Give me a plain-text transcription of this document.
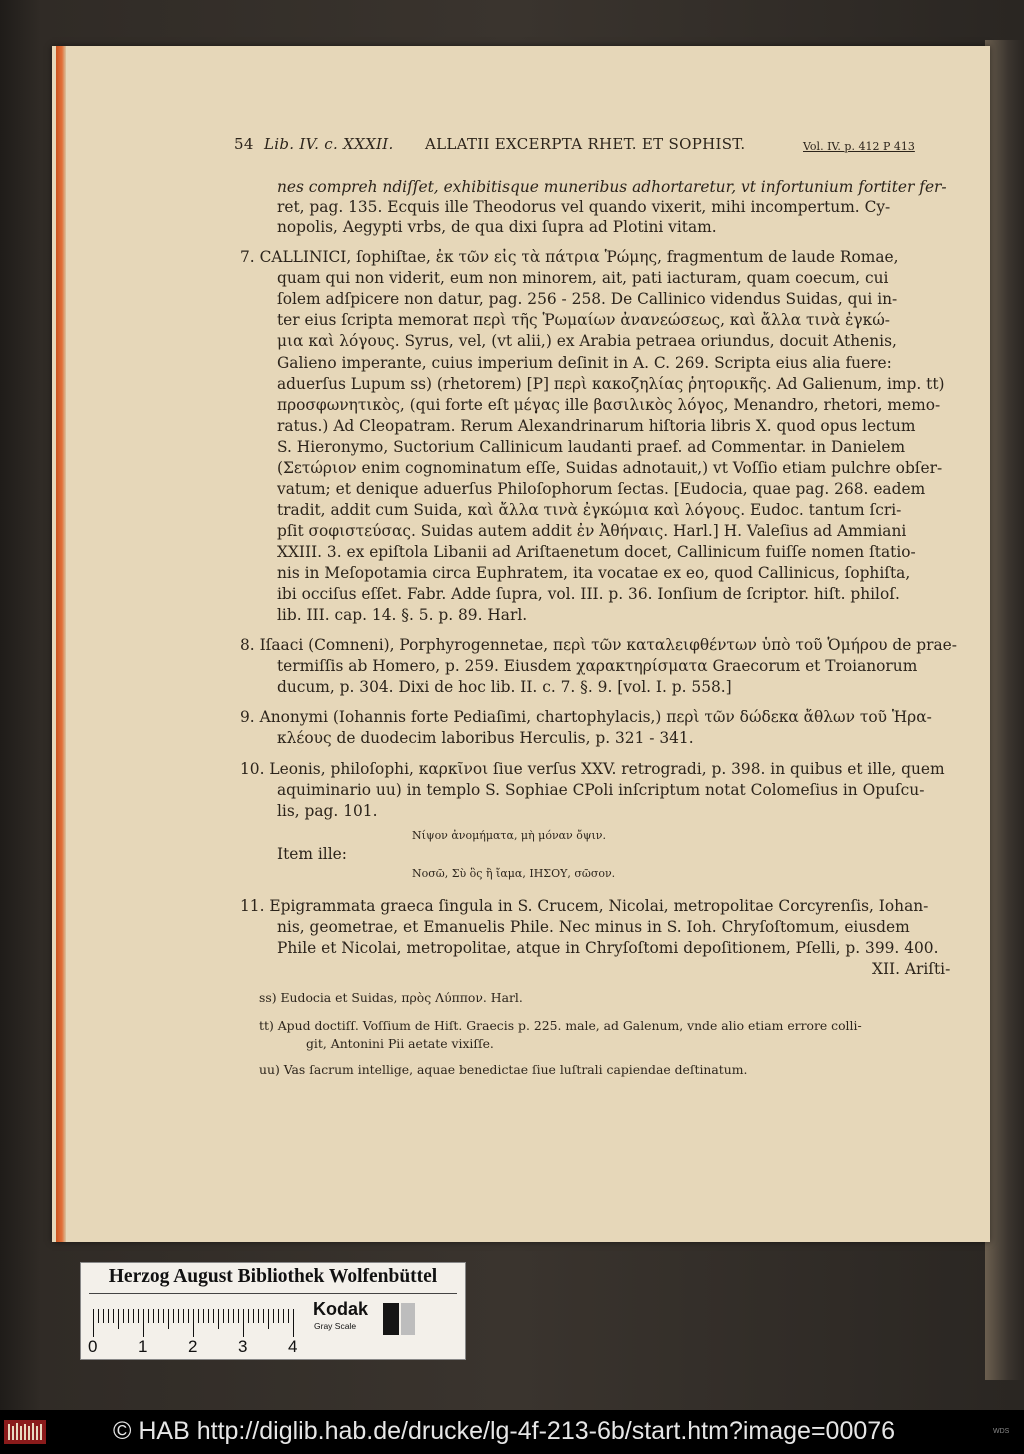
54 Lib. IV. c. XXXII. ALLATII EXCERPTA RHET. ET SOPHIST.	Vol. IV. p. 412 P 413
nes compreh ndiſſet, exhibitisque muneribus adhortaretur, vt infortunium fortiter fer-
ret, pag. 135. Ecquis ille Theodorus vel quando vixerit, mihi incompertum. Cy-
nopolis, Aegypti vrbs, de qua dixi ſupra ad Plotini vitam.
7. CALLINICI, ſophiſtae, ἐκ τῶν εἰς τὰ πάτρια Ῥώμης, fragmentum de laude Romae,
quam qui non viderit, eum non minorem, ait, pati iacturam, quam coecum, cui
ſolem adſpicere non datur, pag. 256 - 258. De Callinico videndus Suidas, qui in-
ter eius ſcripta memorat περὶ τῆς Ῥωμαίων ἀνανεώσεως, καὶ ἄλλα τινὰ ἐγκώ-
μια καὶ λόγους. Syrus, vel, (vt alii,) ex Arabia petraea oriundus, docuit Athenis,
Galieno imperante, cuius imperium deſinit in A. C. 269. Scripta eius alia fuere:
aduerſus Lupum ss) (rhetorem) [P] περὶ κακοζηλίας ῥητορικῆς. Ad Galienum, imp. tt)
προσφωνητικὸς, (qui forte eſt μέγας ille βασιλικὸς λόγος, Menandro, rhetori, memo-
ratus.) Ad Cleopatram. Rerum Alexandrinarum hiſtoria libris X. quod opus lectum
S. Hieronymo, Suctorium Callinicum laudanti praef. ad Commentar. in Danielem
(Σετώριον enim cognominatum eſſe, Suidas adnotauit,) vt Voſſio etiam pulchre obſer-
vatum; et denique aduerſus Philoſophorum ſectas. [Eudocia, quae pag. 268. eadem
tradit, addit cum Suida, καὶ ἄλλα τινὰ ἐγκώμια καὶ λόγους. Eudoc. tantum ſcri-
pſit σοφιστεύσας. Suidas autem addit ἐν Ἀθήναις. Harl.] H. Valeſius ad Ammiani
XXIII. 3. ex epiſtola Libanii ad Ariſtaenetum docet, Callinicum fuiſſe nomen ſtatio-
nis in Meſopotamia circa Euphratem, ita vocatae ex eo, quod Callinicus, ſophiſta,
ibi occiſus eſſet. Fabr. Adde ſupra, vol. III. p. 36. Ionſium de ſcriptor. hiſt. philoſ.
lib. III. cap. 14. §. 5. p. 89. Harl.
8. Iſaaci (Comneni), Porphyrogennetae, περὶ τῶν καταλειφθέντων ὑπὸ τοῦ Ὁμήρου de prae-
termiſſis ab Homero, p. 259. Eiusdem χαρακτηρίσματα Graecorum et Troianorum
ducum, p. 304. Dixi de hoc lib. II. c. 7. §. 9. [vol. I. p. 558.]
9. Anonymi (Iohannis forte Pediaſimi, chartophylacis,) περὶ τῶν δώδεκα ἄθλων τοῦ Ἡρα-
κλέους de duodecim laboribus Herculis, p. 321 - 341.
10. Leonis, philoſophi, καρκῖνοι ſiue verſus XXV. retrogradi, p. 398. in quibus et ille, quem
aquiminario uu) in templo S. Sophiae CPoli inſcriptum notat Colomeſius in Opuſcu-
lis, pag. 101.
Νίψον ἀνομήματα, μὴ μόναν ὄψιν.
Item ille:
Νοσῶ, Σὺ ὃς ἢ ἴαμα, ΙΗΣΟΥ, σῶσον.
11. Epigrammata graeca ſingula in S. Crucem, Nicolai, metropolitae Corcyrenſis, Iohan-
nis, geometrae, et Emanuelis Phile. Nec minus in S. Ioh. Chryſoſtomum, eiusdem
Phile et Nicolai, metropolitae, atque in Chryſoſtomi depoſitionem, Pſelli, p. 399. 400.
XII. Ariſti-
ss) Eudocia et Suidas, πρὸς Λύππον. Harl.
tt) Apud doctiſſ. Voſſium de Hiſt. Graecis p. 225. male, ad Galenum, vnde alio etiam errore colli-
git, Antonini Pii aetate vixiſſe.
uu) Vas ſacrum intellige, aquae benedictae ſiue luſtrali capiendae deſtinatum.
Herzog August Bibliothek Wolfenbüttel
0 1 2 3 4
Kodak
Gray Scale
© HAB http://diglib.hab.de/drucke/lg-4f-213-6b/start.htm?image=00076	WDS
